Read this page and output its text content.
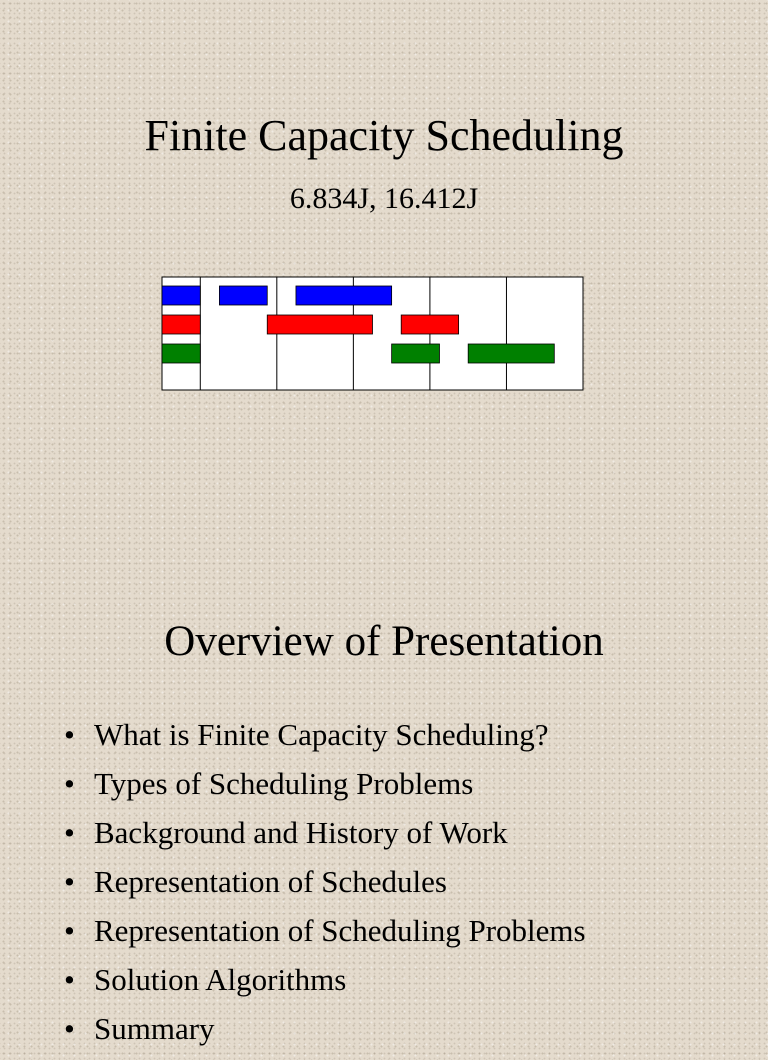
Finite Capacity Scheduling
6.834J, 16.412J
Overview of Presentation
• What is Finite Capacity Scheduling?
• Types of Scheduling Problems
• Background and History of Work
• Representation of Schedules
• Representation of Scheduling Problems
• Solution Algorithms
• Summary
